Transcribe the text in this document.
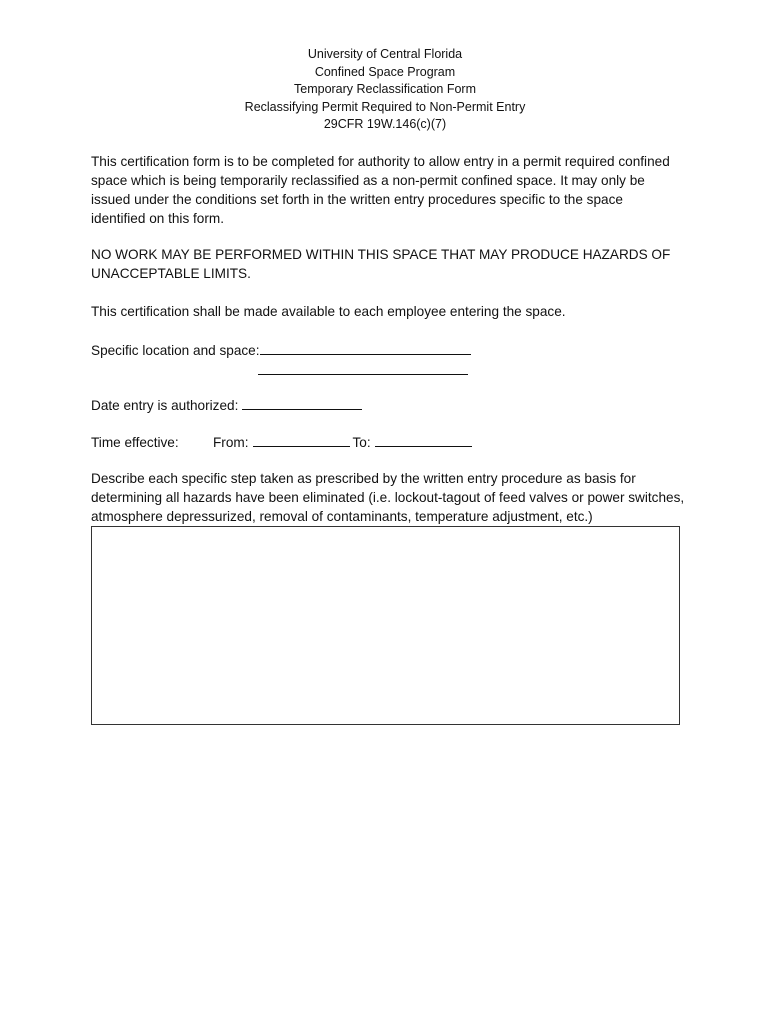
University of Central Florida
Confined Space Program
Temporary Reclassification Form
Reclassifying Permit Required to Non-Permit Entry
29CFR 19W.146(c)(7)
This certification form is to be completed for authority to allow entry in a permit required confined space which is being temporarily reclassified as a non-permit confined space. It may only be issued under the conditions set forth in the written entry procedures specific to the space identified on this form.
NO WORK MAY BE PERFORMED WITHIN THIS SPACE THAT MAY PRODUCE HAZARDS OF UNACCEPTABLE LIMITS.
This certification shall be made available to each employee entering the space.
Specific location and space:
Date entry is authorized:
Time effective:	From:	To:
Describe each specific step taken as prescribed by the written entry procedure as basis for determining all hazards have been eliminated (i.e. lockout-tagout of feed valves or power switches, atmosphere depressurized, removal of contaminants, temperature adjustment, etc.)
